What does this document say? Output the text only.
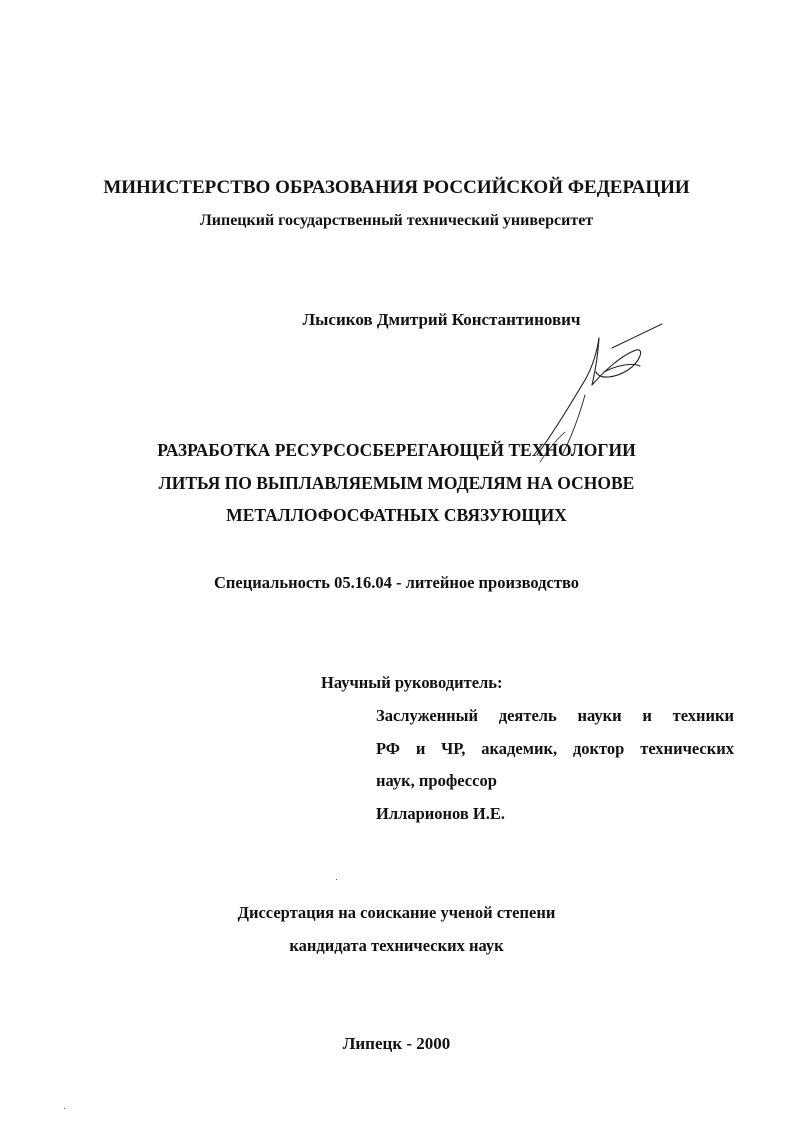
МИНИСТЕРСТВО ОБРАЗОВАНИЯ РОССИЙСКОЙ ФЕДЕРАЦИИ
Липецкий государственный технический университет
Лысиков Дмитрий Константинович
РАЗРАБОТКА РЕСУРСОСБЕРЕГАЮЩЕЙ ТЕХНОЛОГИИ
ЛИТЬЯ ПО ВЫПЛАВЛЯЕМЫМ МОДЕЛЯМ НА ОСНОВЕ
МЕТАЛЛОФОСФАТНЫХ СВЯЗУЮЩИХ
Специальность 05.16.04 - литейное производство
Научный руководитель:
Заслуженный деятель науки и техники
РФ и ЧР, академик, доктор технических
наук, профессор
Илларионов И.Е.
Диссертация на соискание ученой степени
кандидата технических наук
Липецк - 2000
